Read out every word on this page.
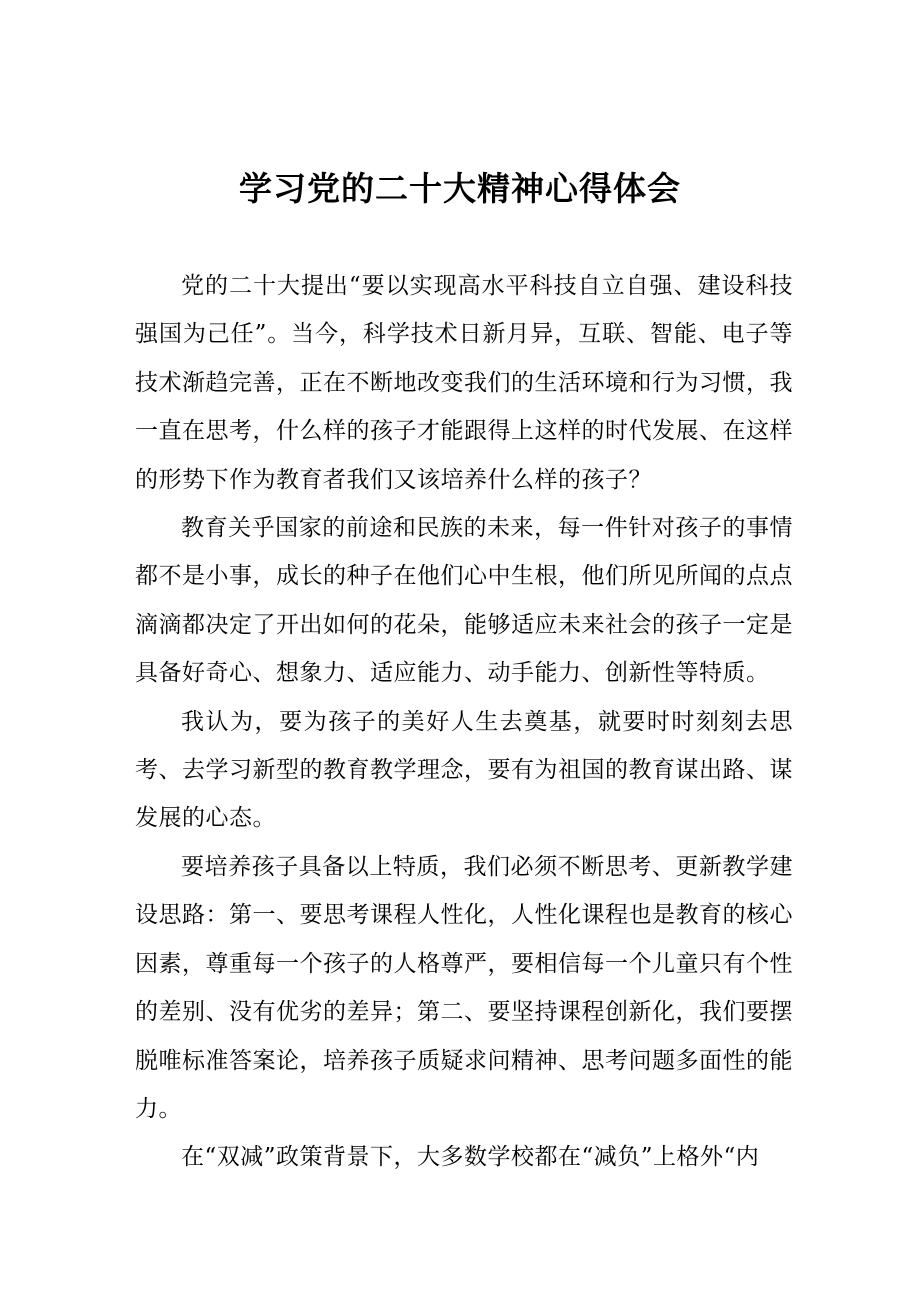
学习党的二十大精神心得体会

党的二十大提出“要以实现高水平科技自立自强、建设科技强国为己任”。当今，科学技术日新月异，互联、智能、电子等技术渐趋完善，正在不断地改变我们的生活环境和行为习惯，我一直在思考，什么样的孩子才能跟得上这样的时代发展、在这样的形势下作为教育者我们又该培养什么样的孩子？

教育关乎国家的前途和民族的未来，每一件针对孩子的事情都不是小事，成长的种子在他们心中生根，他们所见所闻的点点滴滴都决定了开出如何的花朵，能够适应未来社会的孩子一定是具备好奇心、想象力、适应能力、动手能力、创新性等特质。

我认为，要为孩子的美好人生去奠基，就要时时刻刻去思考、去学习新型的教育教学理念，要有为祖国的教育谋出路、谋发展的心态。

要培养孩子具备以上特质，我们必须不断思考、更新教学建设思路：第一、要思考课程人性化，人性化课程也是教育的核心因素，尊重每一个孩子的人格尊严，要相信每一个儿童只有个性的差别、没有优劣的差异；第二、要坚持课程创新化，我们要摆脱唯标准答案论，培养孩子质疑求问精神、思考问题多面性的能力。

在“双减”政策背景下，大多数学校都在“减负”上格外“内
